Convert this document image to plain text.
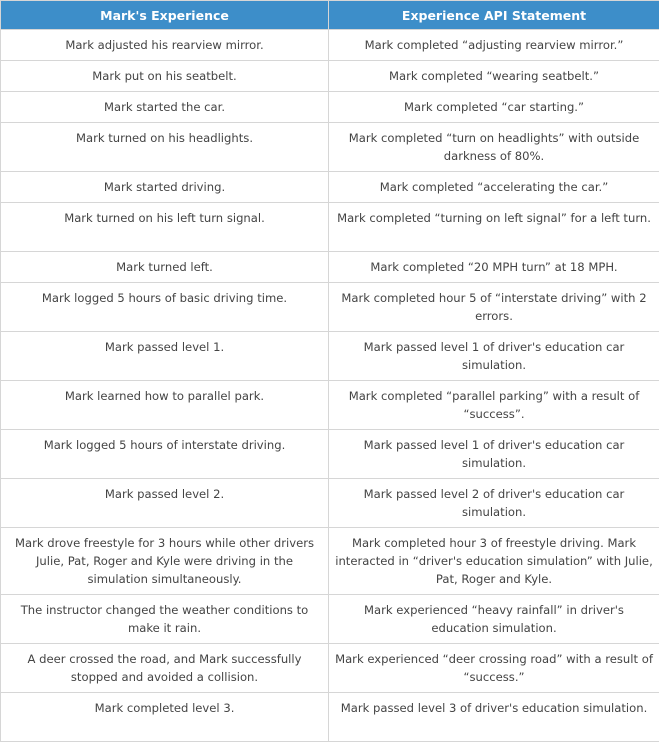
Mark's Experience	Experience API Statement
Mark adjusted his rearview mirror.	Mark completed “adjusting rearview mirror.”
Mark put on his seatbelt.	Mark completed “wearing seatbelt.”
Mark started the car.	Mark completed “car starting.”
Mark turned on his headlights.	Mark completed “turn on headlights” with outside darkness of 80%.
Mark started driving.	Mark completed “accelerating the car.”
Mark turned on his left turn signal.	Mark completed “turning on left signal” for a left turn.
Mark turned left.	Mark completed “20 MPH turn” at 18 MPH.
Mark logged 5 hours of basic driving time.	Mark completed hour 5 of “interstate driving” with 2 errors.
Mark passed level 1.	Mark passed level 1 of driver's education car simulation.
Mark learned how to parallel park.	Mark completed “parallel parking” with a result of “success”.
Mark logged 5 hours of interstate driving.	Mark passed level 1 of driver's education car simulation.
Mark passed level 2.	Mark passed level 2 of driver's education car simulation.
Mark drove freestyle for 3 hours while other drivers Julie, Pat, Roger and Kyle were driving in the simulation simultaneously.	Mark completed hour 3 of freestyle driving. Mark interacted in “driver's education simulation” with Julie, Pat, Roger and Kyle.
The instructor changed the weather conditions to make it rain.	Mark experienced “heavy rainfall” in driver's education simulation.
A deer crossed the road, and Mark successfully stopped and avoided a collision.	Mark experienced “deer crossing road” with a result of “success.”
Mark completed level 3.	Mark passed level 3 of driver's education simulation.
